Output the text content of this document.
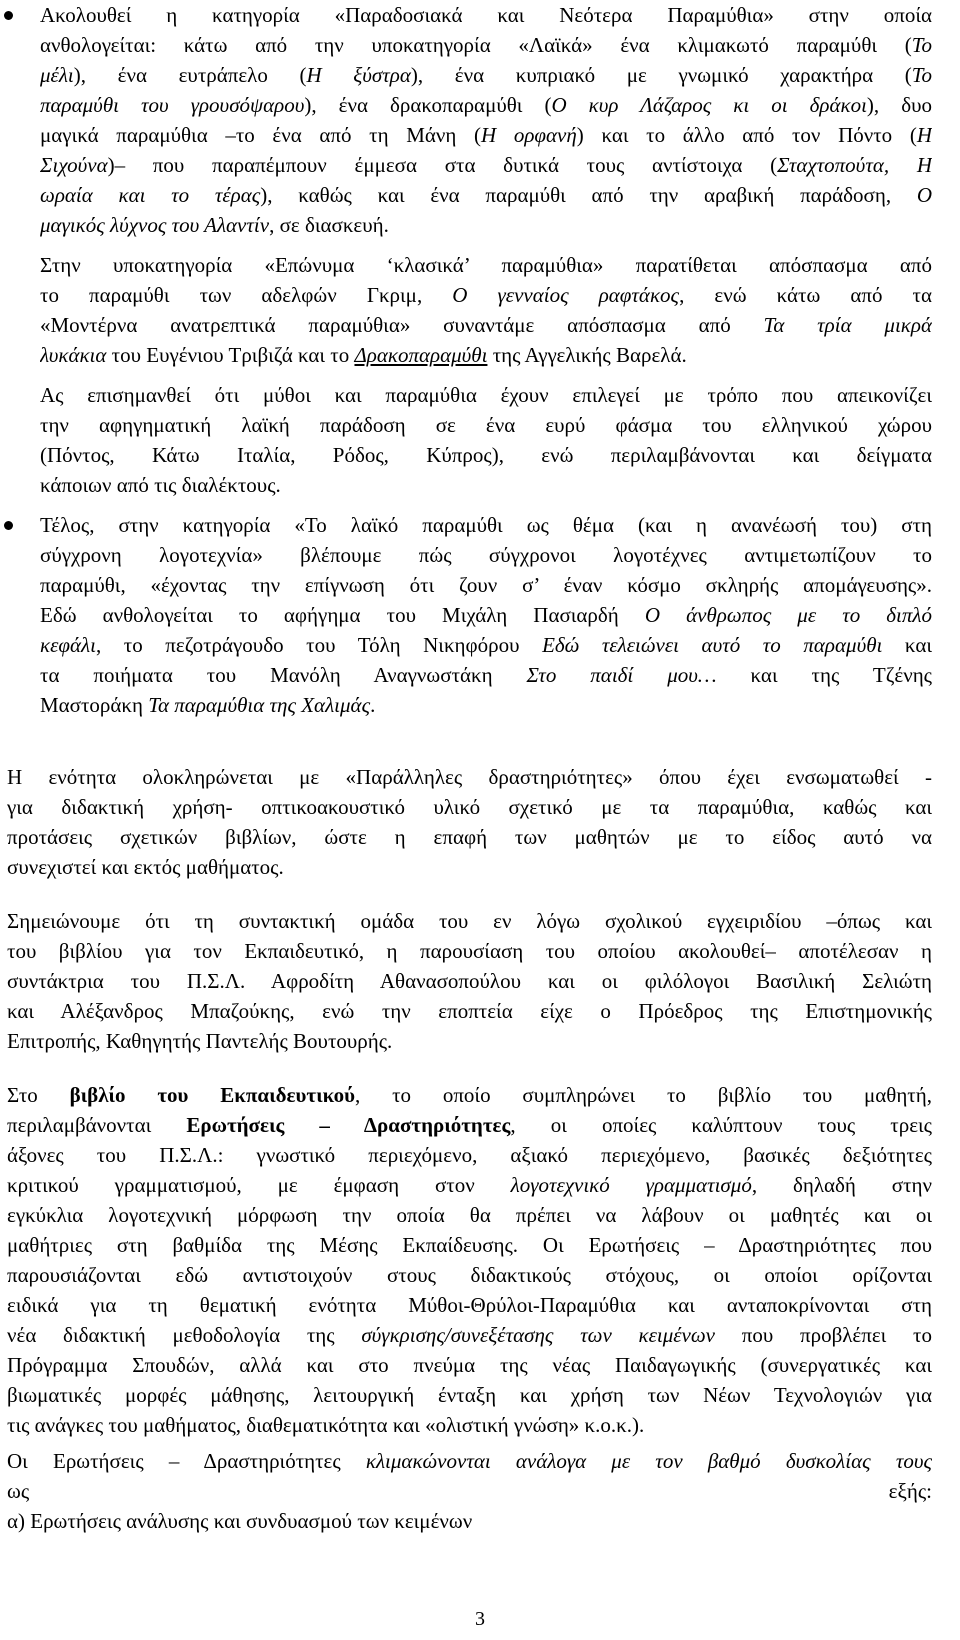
Ακολουθεί η κατηγορία «Παραδοσιακά και Νεότερα Παραμύθια» στην οποία
ανθολογείται: κάτω από την υποκατηγορία «Λαϊκά» ένα κλιμακωτό παραμύθι (Το
μέλι), ένα ευτράπελο (Η ξύστρα), ένα κυπριακό με γνωμικό χαρακτήρα (Το
παραμύθι του γρουσόψαρου), ένα δρακοπαραμύθι (Ο κυρ Λάζαρος κι οι δράκοι), δυο
μαγικά παραμύθια –το ένα από τη Μάνη (Η ορφανή) και το άλλο από τον Πόντο (Η
Σιχούνα)– που παραπέμπουν έμμεσα στα δυτικά τους αντίστοιχα (Σταχτοπούτα, Η
ωραία και το τέρας), καθώς και ένα παραμύθι από την αραβική παράδοση, Ο
μαγικός λύχνος του Αλαντίν, σε διασκευή.
Στην υποκατηγορία «Επώνυμα ‘κλασικά’ παραμύθια» παρατίθεται απόσπασμα από
το παραμύθι των αδελφών Γκριμ, Ο γενναίος ραφτάκος, ενώ κάτω από τα
«Μοντέρνα ανατρεπτικά παραμύθια» συναντάμε απόσπασμα από Τα τρία μικρά
λυκάκια του Ευγένιου Τριβιζά και το Δρακοπαραμύθι της Αγγελικής Βαρελά.
Ας επισημανθεί ότι μύθοι και παραμύθια έχουν επιλεγεί με τρόπο που απεικονίζει
την αφηγηματική λαϊκή παράδοση σε ένα ευρύ φάσμα του ελληνικού χώρου
(Πόντος, Κάτω Ιταλία, Ρόδος, Κύπρος), ενώ περιλαμβάνονται και δείγματα
κάποιων από τις διαλέκτους.
Τέλος, στην κατηγορία «Το λαϊκό παραμύθι ως θέμα (και η ανανέωσή του) στη
σύγχρονη λογοτεχνία» βλέπουμε πώς σύγχρονοι λογοτέχνες αντιμετωπίζουν το
παραμύθι, «έχοντας την επίγνωση ότι ζουν σ’ έναν κόσμο σκληρής απομάγευσης».
Εδώ ανθολογείται το αφήγημα του Μιχάλη Πασιαρδή Ο άνθρωπος με το διπλό
κεφάλι, το πεζοτράγουδο του Τόλη Νικηφόρου Εδώ τελειώνει αυτό το παραμύθι και
τα ποιήματα του Μανόλη Αναγνωστάκη Στο παιδί μου… και της Τζένης
Μαστοράκη Τα παραμύθια της Χαλιμάς.
Η ενότητα ολοκληρώνεται με «Παράλληλες δραστηριότητες» όπου έχει ενσωματωθεί -
για διδακτική χρήση- οπτικοακουστικό υλικό σχετικό με τα παραμύθια, καθώς και
προτάσεις σχετικών βιβλίων, ώστε η επαφή των μαθητών με το είδος αυτό να
συνεχιστεί και εκτός μαθήματος.
Σημειώνουμε ότι τη συντακτική ομάδα του εν λόγω σχολικού εγχειριδίου –όπως και
του βιβλίου για τον Εκπαιδευτικό, η παρουσίαση του οποίου ακολουθεί– αποτέλεσαν η
συντάκτρια του Π.Σ.Λ. Αφροδίτη Αθανασοπούλου και οι φιλόλογοι Βασιλική Σελιώτη
και Αλέξανδρος Μπαζούκης, ενώ την εποπτεία είχε ο Πρόεδρος της Επιστημονικής
Επιτροπής, Καθηγητής Παντελής Βουτουρής.
Στο βιβλίο του Εκπαιδευτικού, το οποίο συμπληρώνει το βιβλίο του μαθητή,
περιλαμβάνονται Ερωτήσεις – Δραστηριότητες, οι οποίες καλύπτουν τους τρεις
άξονες του Π.Σ.Λ.: γνωστικό περιεχόμενο, αξιακό περιεχόμενο, βασικές δεξιότητες
κριτικού γραμματισμού, με έμφαση στον λογοτεχνικό γραμματισμό, δηλαδή στην
εγκύκλια λογοτεχνική μόρφωση την οποία θα πρέπει να λάβουν οι μαθητές και οι
μαθήτριες στη βαθμίδα της Μέσης Εκπαίδευσης. Οι Ερωτήσεις – Δραστηριότητες που
παρουσιάζονται εδώ αντιστοιχούν στους διδακτικούς στόχους, οι οποίοι ορίζονται
ειδικά για τη θεματική ενότητα Μύθοι-Θρύλοι-Παραμύθια και ανταποκρίνονται στη
νέα διδακτική μεθοδολογία της σύγκρισης/συνεξέτασης των κειμένων που προβλέπει το
Πρόγραμμα Σπουδών, αλλά και στο πνεύμα της νέας Παιδαγωγικής (συνεργατικές και
βιωματικές μορφές μάθησης, λειτουργική ένταξη και χρήση των Νέων Τεχνολογιών για
τις ανάγκες του μαθήματος, διαθεματικότητα και «ολιστική γνώση» κ.ο.κ.).
Οι Ερωτήσεις – Δραστηριότητες κλιμακώνονται ανάλογα με τον βαθμό δυσκολίας τους
ως εξής:
α) Ερωτήσεις ανάλυσης και συνδυασμού των κειμένων
3
